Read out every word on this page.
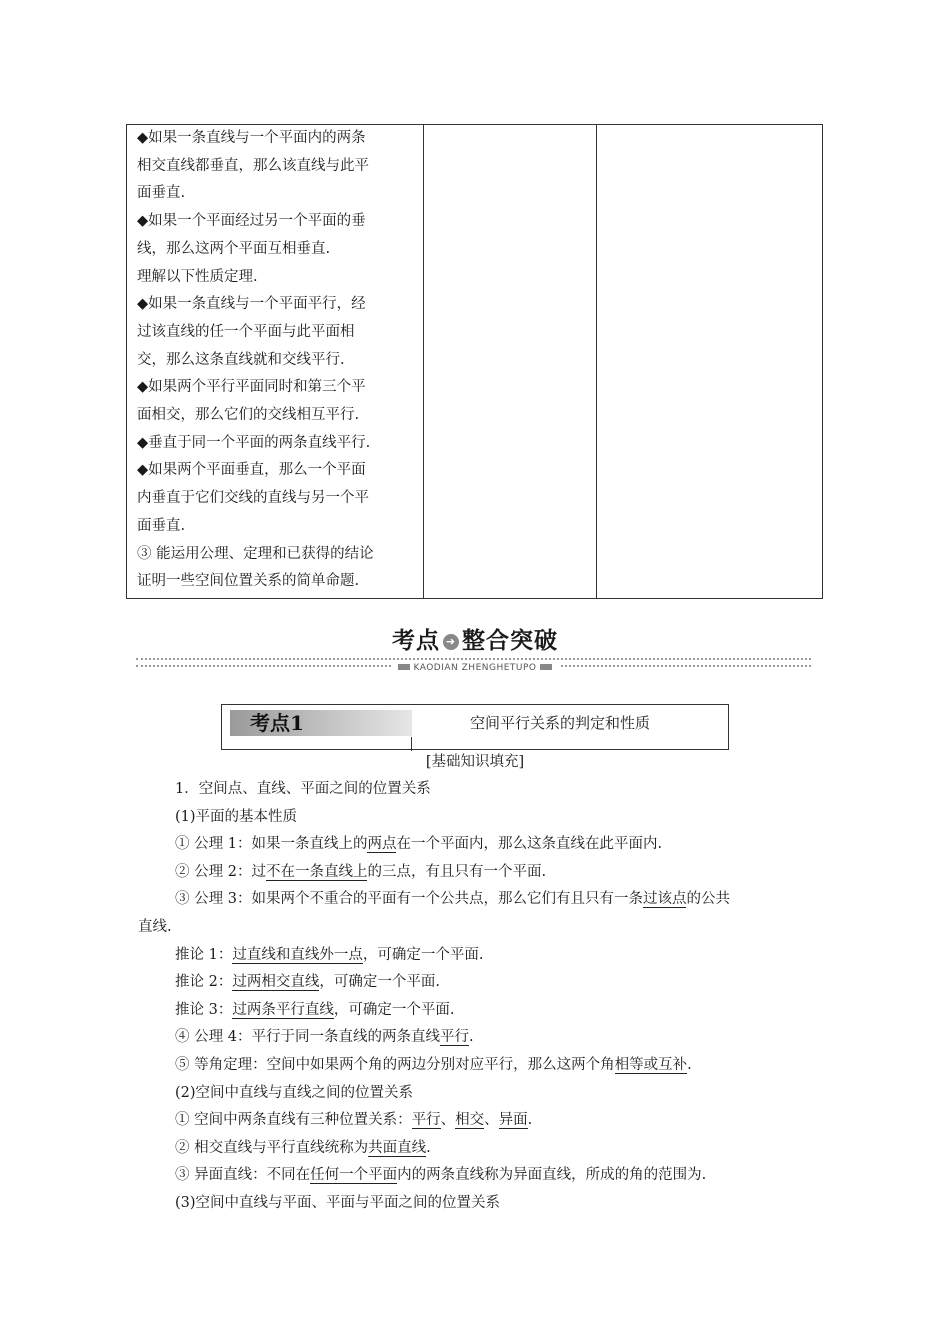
◆如果一条直线与一个平面内的两条

相交直线都垂直，那么该直线与此平

面垂直.

◆如果一个平面经过另一个平面的垂

线，那么这两个平面互相垂直.

理解以下性质定理.

◆如果一条直线与一个平面平行，经

过该直线的任一个平面与此平面相

交，那么这条直线就和交线平行.

◆如果两个平行平面同时和第三个平

面相交，那么它们的交线相互平行.

◆垂直于同一个平面的两条直线平行.

◆如果两个平面垂直，那么一个平面

内垂直于它们交线的直线与另一个平

面垂直.

③ 能运用公理、定理和已获得的结论

证明一些空间位置关系的简单命题.

考点 ➜ 整合突破
KAODIAN ZHENGHETUPO
考点1	空间平行关系的判定和性质
[基础知识填充]
1．空间点、直线、平面之间的位置关系
(1)平面的基本性质
① 公理 1：如果一条直线上的两点在一个平面内，那么这条直线在此平面内.
② 公理 2：过不在一条直线上的三点，有且只有一个平面.
③ 公理 3：如果两个不重合的平面有一个公共点，那么它们有且只有一条过该点的公共
直线.
推论 1：过直线和直线外一点，可确定一个平面.
推论 2：过两相交直线，可确定一个平面.
推论 3：过两条平行直线，可确定一个平面.
④ 公理 4：平行于同一条直线的两条直线平行.
⑤ 等角定理：空间中如果两个角的两边分别对应平行，那么这两个角相等或互补.
(2)空间中直线与直线之间的位置关系
① 空间中两条直线有三种位置关系：平行、相交、异面.
② 相交直线与平行直线统称为共面直线.
③ 异面直线：不同在任何一个平面内的两条直线称为异面直线，所成的角的范围为.
(3)空间中直线与平面、平面与平面之间的位置关系
